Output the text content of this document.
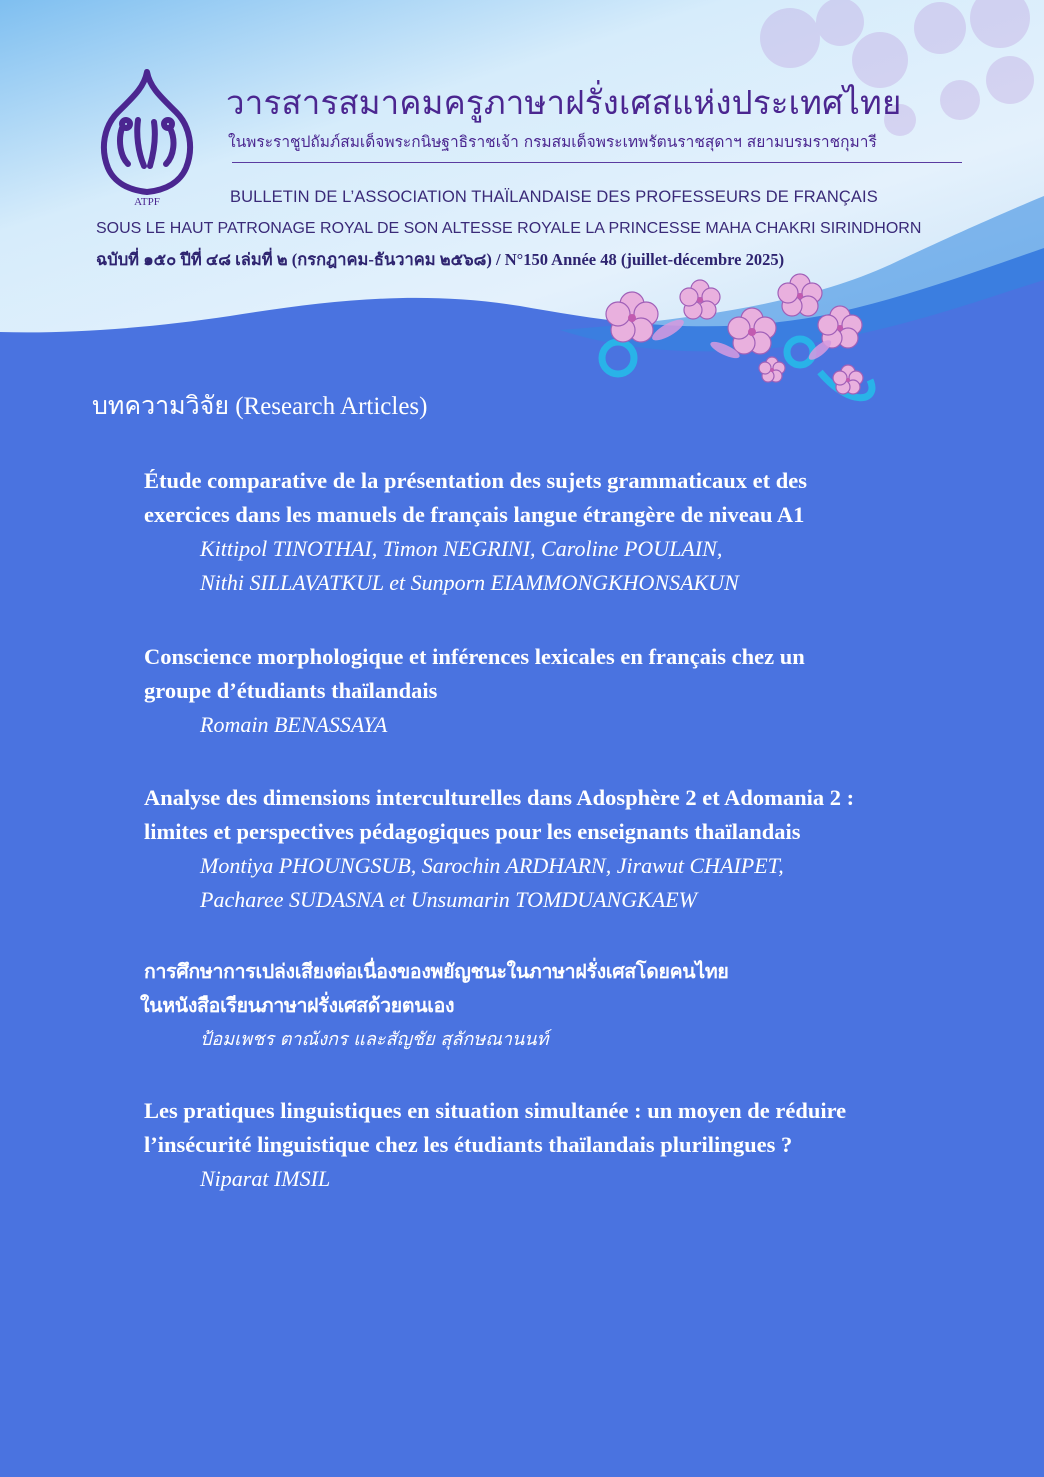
ATPF
วารสารสมาคมครูภาษาฝรั่งเศสแห่งประเทศไทย
ในพระราชูปถัมภ์สมเด็จพระกนิษฐาธิราชเจ้า กรมสมเด็จพระเทพรัตนราชสุดาฯ สยามบรมราชกุมารี
BULLETIN DE L’ASSOCIATION THAÏLANDAISE DES PROFESSEURS DE FRANÇAIS
SOUS LE HAUT PATRONAGE ROYAL DE SON ALTESSE ROYALE LA PRINCESSE MAHA CHAKRI SIRINDHORN
ฉบับที่ ๑๕๐ ปีที่ ๔๘ เล่มที่ ๒ (กรกฎาคม-ธันวาคม ๒๕๖๘) / N°150 Année 48 (juillet-décembre 2025)
บทความวิจัย (Research Articles)
Étude comparative de la présentation des sujets grammaticaux et des
exercices dans les manuels de français langue étrangère de niveau A1
Kittipol TINOTHAI, Timon NEGRINI, Caroline POULAIN,
Nithi SILLAVATKUL et Sunporn EIAMMONGKHONSAKUN
Conscience morphologique et inférences lexicales en français chez un
groupe d’étudiants thaïlandais
Romain BENASSAYA
Analyse des dimensions interculturelles dans Adosphère 2 et Adomania 2 :
limites et perspectives pédagogiques pour les enseignants thaïlandais
Montiya PHOUNGSUB, Sarochin ARDHARN, Jirawut CHAIPET,
Pacharee SUDASNA et Unsumarin TOMDUANGKAEW
การศึกษาการเปล่งเสียงต่อเนื่องของพยัญชนะในภาษาฝรั่งเศสโดยคนไทย
ในหนังสือเรียนภาษาฝรั่งเศสด้วยตนเอง
ป้อมเพชร ตาณังกร และสัญชัย สุลักษณานนท์
Les pratiques linguistiques en situation simultanée : un moyen de réduire
l’insécurité linguistique chez les étudiants thaïlandais plurilingues ?
Niparat IMSIL
